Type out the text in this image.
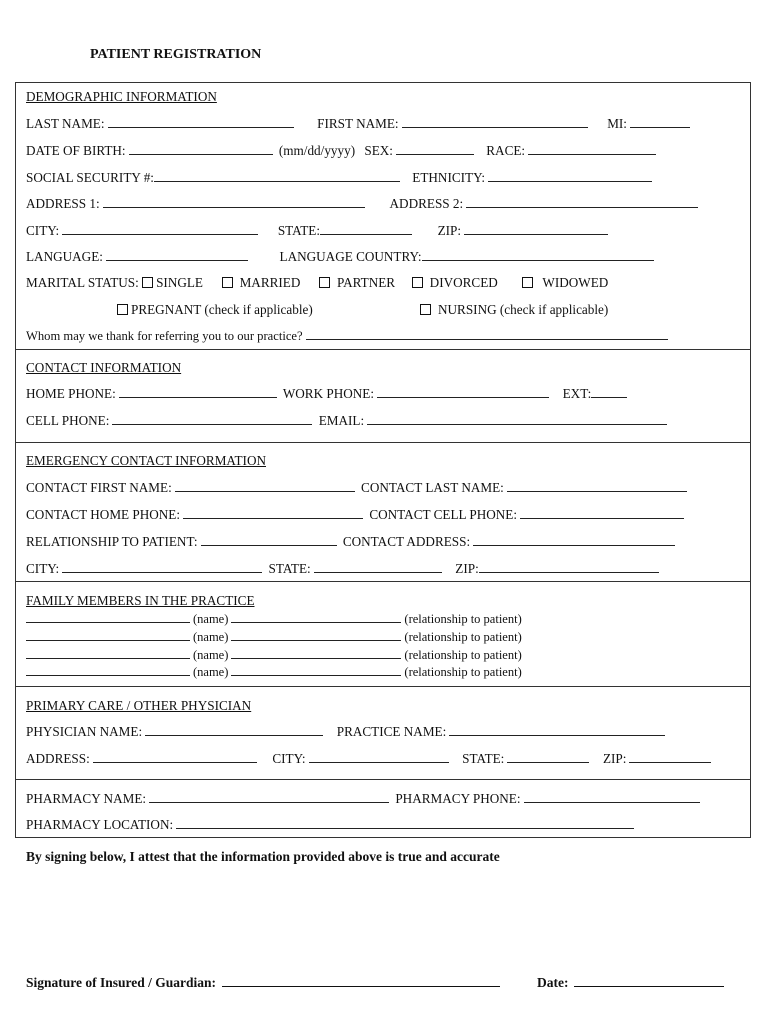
PATIENT REGISTRATION
DEMOGRAPHIC INFORMATION
LAST NAME:	FIRST NAME:	MI:
DATE OF BIRTH:	(mm/dd/yyyy) SEX:	RACE:
SOCIAL SECURITY #:	ETHNICITY:
ADDRESS 1:	ADDRESS 2:
CITY:	STATE:	ZIP:
LANGUAGE:	LANGUAGE COUNTRY:
MARITAL STATUS: SINGLE	MARRIED	PARTNER	DIVORCED	WIDOWED
PREGNANT (check if applicable)	NURSING (check if applicable)
Whom may we thank for referring you to our practice?
CONTACT INFORMATION
HOME PHONE:	WORK PHONE:	EXT:
CELL PHONE:	EMAIL:
EMERGENCY CONTACT INFORMATION
CONTACT FIRST NAME:	CONTACT LAST NAME:
CONTACT HOME PHONE:	CONTACT CELL PHONE:
RELATIONSHIP TO PATIENT:	CONTACT ADDRESS:
CITY:	STATE:	ZIP:
FAMILY MEMBERS IN THE PRACTICE
(name)	(relationship to patient)
(name)	(relationship to patient)
(name)	(relationship to patient)
(name)	(relationship to patient)
PRIMARY CARE / OTHER PHYSICIAN
PHYSICIAN NAME:	PRACTICE NAME:
ADDRESS:	CITY:	STATE:	ZIP:
PHARMACY NAME:	PHARMACY PHONE:
PHARMACY LOCATION:
By signing below, I attest that the information provided above is true and accurate
Signature of Insured / Guardian:	Date:
